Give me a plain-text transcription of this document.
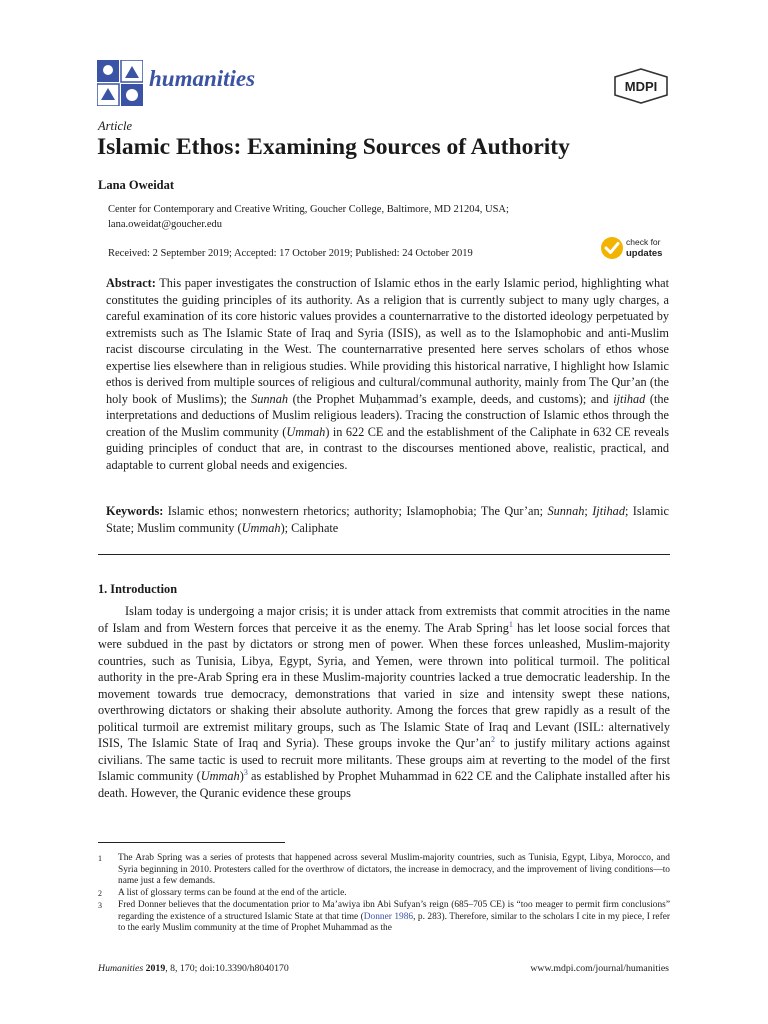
humanities	MDPI
Article
Islamic Ethos: Examining Sources of Authority
Lana Oweidat
Center for Contemporary and Creative Writing, Goucher College, Baltimore, MD 21204, USA;
lana.oweidat@goucher.edu
Received: 2 September 2019; Accepted: 17 October 2019; Published: 24 October 2019
check for
updates
Abstract: This paper investigates the construction of Islamic ethos in the early Islamic period, highlighting what constitutes the guiding principles of its authority. As a religion that is currently subject to many ugly charges, a careful examination of its core historic values provides a counternarrative to the distorted ideology perpetuated by extremists such as The Islamic State of Iraq and Syria (ISIS), as well as to the Islamophobic and anti-Muslim racist discourse circulating in the West. The counternarrative presented here serves scholars of ethos whose expertise lies elsewhere than in religious studies. While providing this historical narrative, I highlight how Islamic ethos is derived from multiple sources of religious and cultural/communal authority, mainly from The Qur’an (the holy book of Muslims); the Sunnah (the Prophet Muḥammad’s example, deeds, and customs); and ijtihad (the interpretations and deductions of Muslim religious leaders). Tracing the construction of Islamic ethos through the creation of the Muslim community (Ummah) in 622 CE and the establishment of the Caliphate in 632 CE reveals guiding principles of conduct that are, in contrast to the discourses mentioned above, realistic, practical, and adaptable to current global needs and exigencies.
Keywords: Islamic ethos; nonwestern rhetorics; authority; Islamophobia; The Qur’an; Sunnah; Ijtihad; Islamic State; Muslim community (Ummah); Caliphate
1. Introduction
Islam today is undergoing a major crisis; it is under attack from extremists that commit atrocities in the name of Islam and from Western forces that perceive it as the enemy. The Arab Spring$^1$ has let loose social forces that were subdued in the past by dictators or strong men of power. When these forces unleashed, Muslim-majority countries, such as Tunisia, Libya, Egypt, Syria, and Yemen, were thrown into political turmoil. The political authority in the pre-Arab Spring era in these Muslim-majority countries lacked a true democratic leadership. In the movement towards true democracy, demonstrations that varied in size and intensity swept these nations, overthrowing dictators or shaking their absolute authority. Among the forces that grew rapidly as a result of the political turmoil are extremist military groups, such as The Islamic State of Iraq and Levant (ISIL: alternatively ISIS, The Islamic State of Iraq and Syria). These groups invoke the $Qur’an^2$ to justify military actions against civilians. The same tactic is used to recruit more militants. These groups aim at reverting to the model of the first Islamic community (Ummah)$^3$ as established by Prophet Muhammad in 622 CE and the Caliphate installed after his death. However, the Quranic evidence these groups
1 The Arab Spring was a series of protests that happened across several Muslim-majority countries, such as Tunisia, Egypt, Libya, Morocco, and Syria beginning in 2010. Protesters called for the overthrow of dictators, the increase in democracy, and the improvement of living conditions—to name just a few demands.
2 A list of glossary terms can be found at the end of the article.
3 Fred Donner believes that the documentation prior to Ma’awiya ibn Abi Sufyan’s reign (685–705 CE) is “too meager to permit firm conclusions” regarding the existence of a structured Islamic State at that time (Donner 1986, p. 283). Therefore, similar to the scholars I cite in my piece, I refer to the early Muslim community at the time of Prophet Muhammad as the
Humanities 2019, 8, 170; doi:10.3390/h8040170	www.mdpi.com/journal/humanities
